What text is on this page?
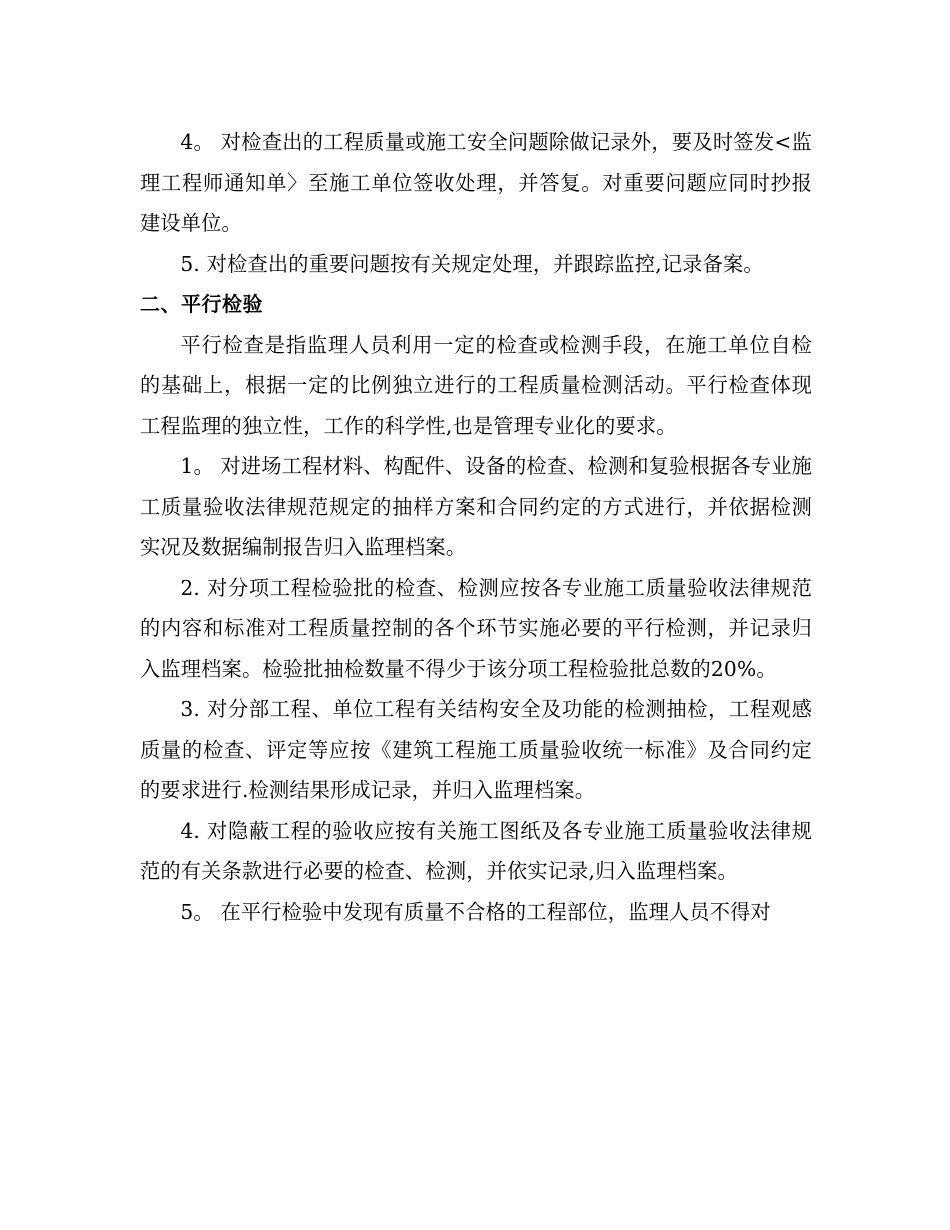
4。 对检查出的工程质量或施工安全问题除做记录外，要及时签发<监理工程师通知单〉至施工单位签收处理，并答复。对重要问题应同时抄报建设单位。

5. 对检查出的重要问题按有关规定处理，并跟踪监控,记录备案。

二、平行检验

平行检查是指监理人员利用一定的检查或检测手段，在施工单位自检的基础上，根据一定的比例独立进行的工程质量检测活动。平行检查体现工程监理的独立性，工作的科学性,也是管理专业化的要求。

1。 对进场工程材料、构配件、设备的检查、检测和复验根据各专业施工质量验收法律规范规定的抽样方案和合同约定的方式进行，并依据检测实况及数据编制报告归入监理档案。

2. 对分项工程检验批的检查、检测应按各专业施工质量验收法律规范的内容和标准对工程质量控制的各个环节实施必要的平行检测，并记录归入监理档案。检验批抽检数量不得少于该分项工程检验批总数的20%。

3. 对分部工程、单位工程有关结构安全及功能的检测抽检，工程观感质量的检查、评定等应按《建筑工程施工质量验收统一标准》及合同约定的要求进行.检测结果形成记录，并归入监理档案。

4. 对隐蔽工程的验收应按有关施工图纸及各专业施工质量验收法律规范的有关条款进行必要的检查、检测，并依实记录,归入监理档案。

5。 在平行检验中发现有质量不合格的工程部位，监理人员不得对
